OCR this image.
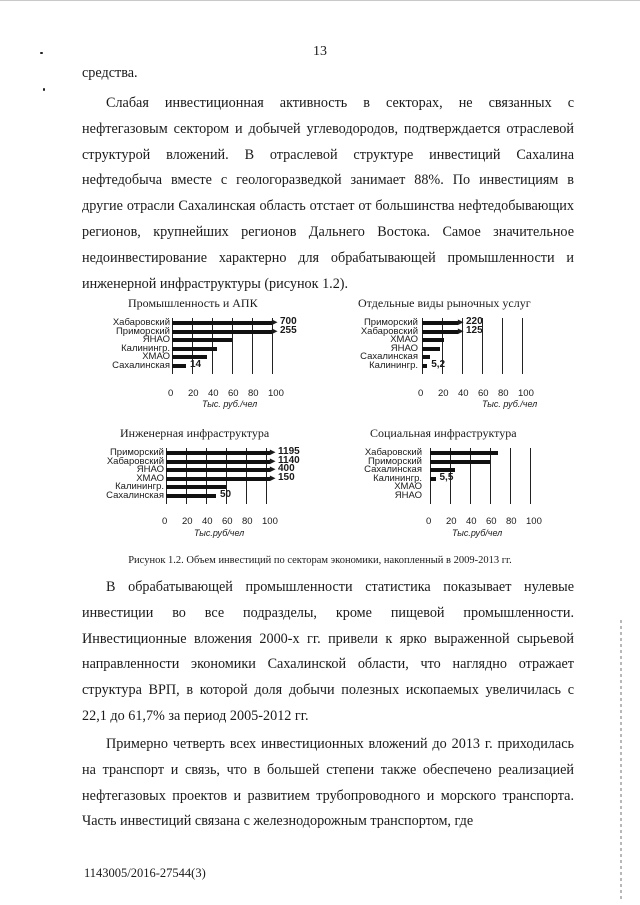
13

средства.

Слабая инвестиционная активность в секторах, не связанных с нефтегазовым сектором и добычей углеводородов, подтверждается отраслевой структурой вложений. В отраслевой структуре инвестиций Сахалина нефтедобыча вместе с геологоразведкой занимает 88%. По инвестициям в другие отрасли Сахалинская область отстает от большинства нефтедобывающих регионов, крупнейших регионов Дальнего Востока. Самое значительное недоинвестирование характерно для обрабатывающей промышленности и инженерной инфраструктуры (рисунок 1.2).

Промышленность и АПК
0 20 40 60 80 100
Тыс. руб./чел
Хабаровский	► 700
Приморский	► 255
ЯНАО
Калинингр.
ХМАО
Сахалинская 14
Отдельные виды рыночных услуг
0 20 40 60 80 100
Тыс. руб./чел
Приморский	► 220
Хабаровский	► 125
ХМАО
ЯНАО
Сахалинская
Калинингр. 5,2
Инженерная инфраструктура
0 20 40 60 80 100
Тыс.руб/чел
Приморский	► 1195
Хабаровский	► 1140
ЯНАО	► 400
ХМАО	► 150
Калинингр.
Сахалинская	50
Социальная инфраструктура
0 20 40 60 80 100
Тыс.руб/чел
Хабаровский
Приморский
Сахалинская
Калинингр. 5,5
ХМАО
ЯНАО
Рисунок 1.2. Объем инвестиций по секторам экономики, накопленный в 2009-2013 гг.

В обрабатывающей промышленности статистика показывает нулевые инвестиции во все подразделы, кроме пищевой промышленности. Инвестиционные вложения 2000-х гг. привели к ярко выраженной сырьевой направленности экономики Сахалинской области, что наглядно отражает структура ВРП, в которой доля добычи полезных ископаемых увеличилась с 22,1 до 61,7% за период 2005-2012 гг.

Примерно четверть всех инвестиционных вложений до 2013 г. приходилась на транспорт и связь, что в большей степени также обеспечено реализацией нефтегазовых проектов и развитием трубопроводного и морского транспорта. Часть инвестиций связана с железнодорожным транспортом, где

1143005/2016-27544(3)
